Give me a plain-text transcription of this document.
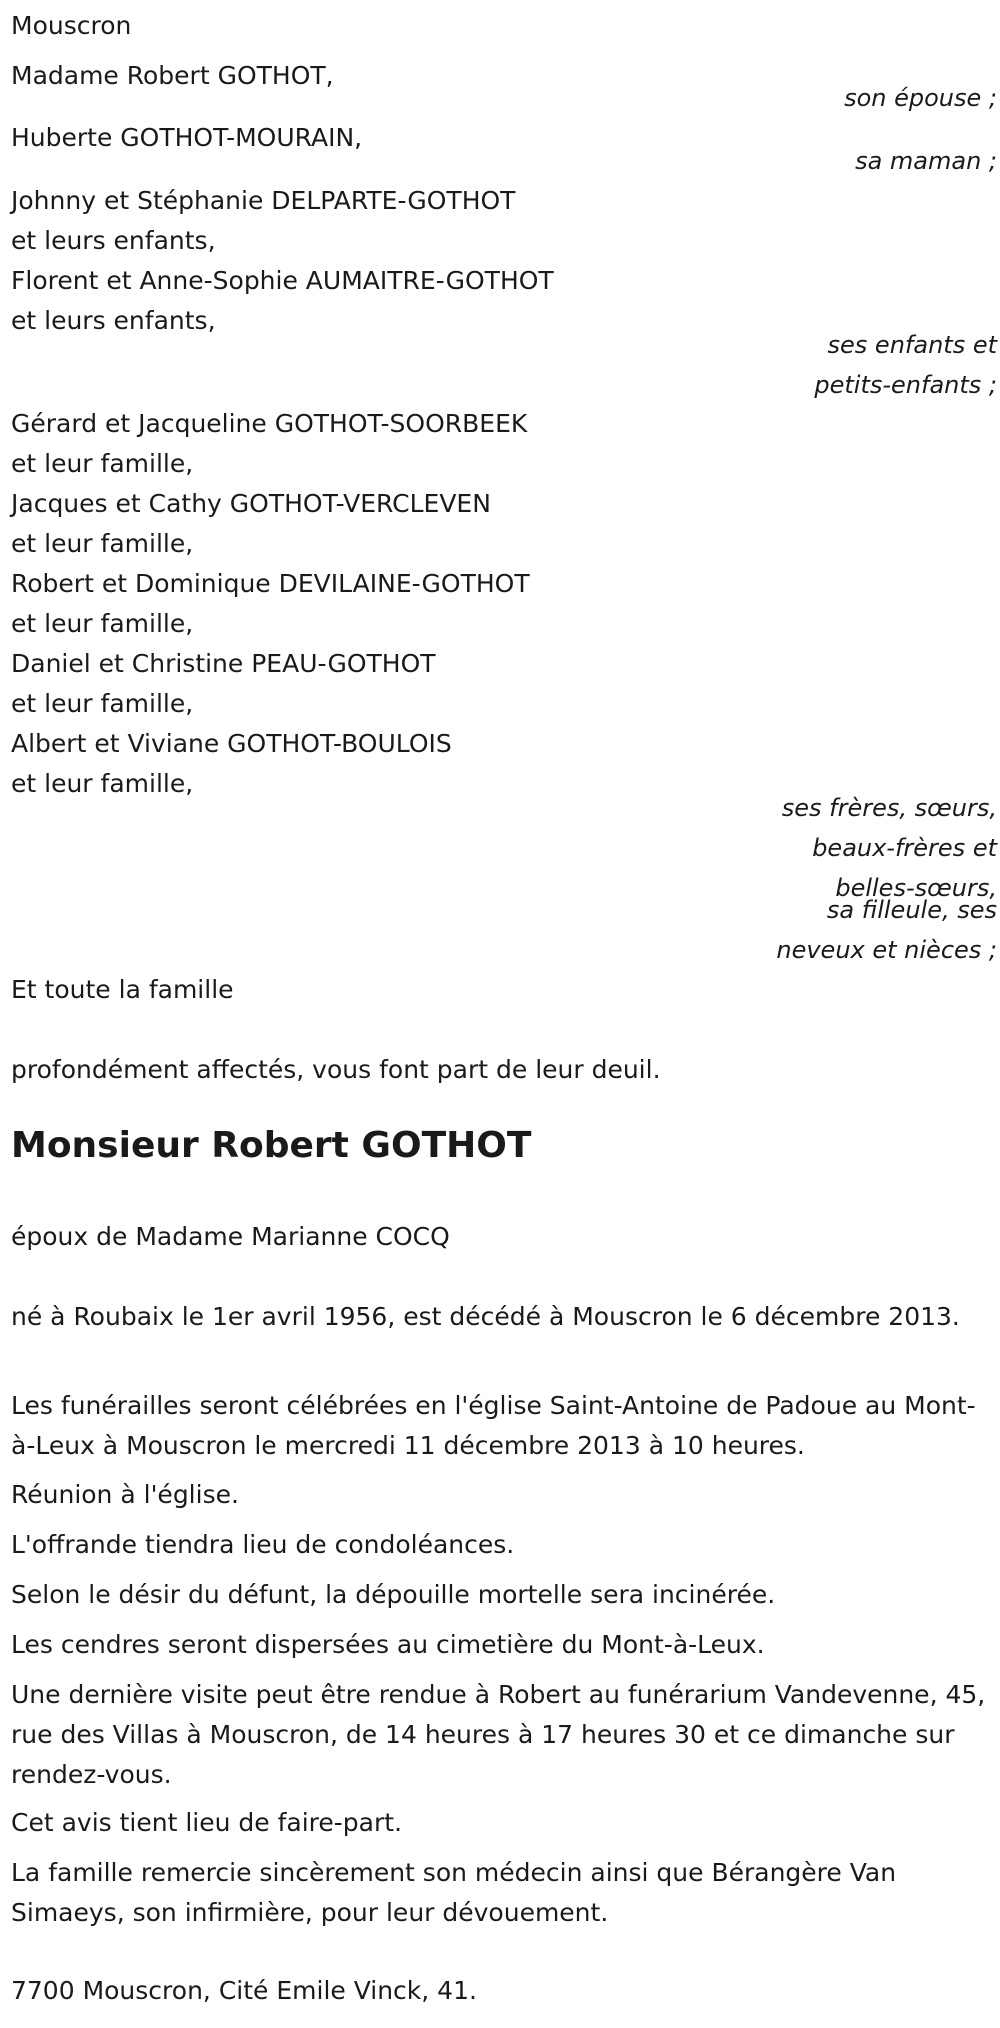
Mouscron
Madame Robert GOTHOT,
son épouse ;
Huberte GOTHOT-MOURAIN,
sa maman ;
Johnny et Stéphanie DELPARTE-GOTHOT
et leurs enfants,
Florent et Anne-Sophie AUMAITRE-GOTHOT
et leurs enfants,
ses enfants et
petits-enfants ;
Gérard et Jacqueline GOTHOT-SOORBEEK
et leur famille,
Jacques et Cathy GOTHOT-VERCLEVEN
et leur famille,
Robert et Dominique DEVILAINE-GOTHOT
et leur famille,
Daniel et Christine PEAU-GOTHOT
et leur famille,
Albert et Viviane GOTHOT-BOULOIS
et leur famille,
ses frères, sœurs,
beaux-frères et
belles-sœurs,
sa filleule, ses
neveux et nièces ;
Et toute la famille
profondément affectés, vous font part de leur deuil.
Monsieur Robert GOTHOT
époux de Madame Marianne COCQ
né à Roubaix le 1er avril 1956, est décédé à Mouscron le 6 décembre 2013.
Les funérailles seront célébrées en l'église Saint-Antoine de Padoue au Mont-à-Leux à Mouscron le mercredi 11 décembre 2013 à 10 heures.
Réunion à l'église.
L'offrande tiendra lieu de condoléances.
Selon le désir du défunt, la dépouille mortelle sera incinérée.
Les cendres seront dispersées au cimetière du Mont-à-Leux.
Une dernière visite peut être rendue à Robert au funérarium Vandevenne, 45, rue des Villas à Mouscron, de 14 heures à 17 heures 30 et ce dimanche sur rendez-vous.
Cet avis tient lieu de faire-part.
La famille remercie sincèrement son médecin ainsi que Bérangère Van Simaeys, son infirmière, pour leur dévouement.
7700 Mouscron, Cité Emile Vinck, 41.
